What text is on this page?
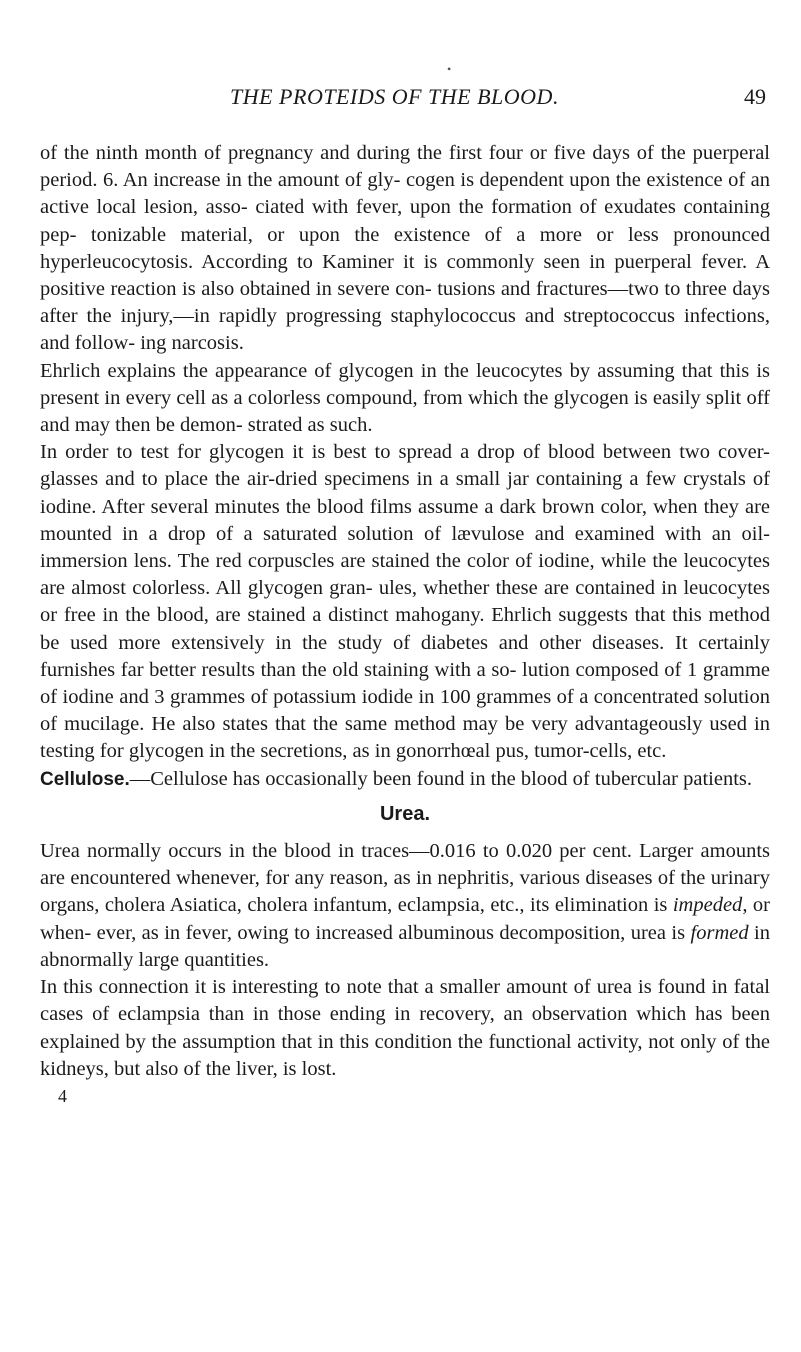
•
THE PROTEIDS OF THE BLOOD.	49

of the ninth month of pregnancy and during the first four or five days of the puerperal period. 6. An increase in the amount of gly- cogen is dependent upon the existence of an active local lesion, asso- ciated with fever, upon the formation of exudates containing pep- tonizable material, or upon the existence of a more or less pronounced hyperleucocytosis. According to Kaminer it is commonly seen in puerperal fever. A positive reaction is also obtained in severe con- tusions and fractures—two to three days after the injury,—in rapidly progressing staphylococcus and streptococcus infections, and follow- ing narcosis.

Ehrlich explains the appearance of glycogen in the leucocytes by assuming that this is present in every cell as a colorless compound, from which the glycogen is easily split off and may then be demon- strated as such.

In order to test for glycogen it is best to spread a drop of blood between two cover-glasses and to place the air-dried specimens in a small jar containing a few crystals of iodine. After several minutes the blood films assume a dark brown color, when they are mounted in a drop of a saturated solution of lævulose and examined with an oil-immersion lens. The red corpuscles are stained the color of iodine, while the leucocytes are almost colorless. All glycogen gran- ules, whether these are contained in leucocytes or free in the blood, are stained a distinct mahogany. Ehrlich suggests that this method be used more extensively in the study of diabetes and other diseases. It certainly furnishes far better results than the old staining with a so- lution composed of 1 gramme of iodine and 3 grammes of potassium iodide in 100 grammes of a concentrated solution of mucilage. He also states that the same method may be very advantageously used in testing for glycogen in the secretions, as in gonorrhœal pus, tumor-cells, etc.

Cellulose.—Cellulose has occasionally been found in the blood of tubercular patients.

Urea.

Urea normally occurs in the blood in traces—0.016 to 0.020 per cent. Larger amounts are encountered whenever, for any reason, as in nephritis, various diseases of the urinary organs, cholera Asiatica, cholera infantum, eclampsia, etc., its elimination is impeded, or when- ever, as in fever, owing to increased albuminous decomposition, urea is formed in abnormally large quantities.

In this connection it is interesting to note that a smaller amount of urea is found in fatal cases of eclampsia than in those ending in recovery, an observation which has been explained by the assumption that in this condition the functional activity, not only of the kidneys, but also of the liver, is lost.

4
